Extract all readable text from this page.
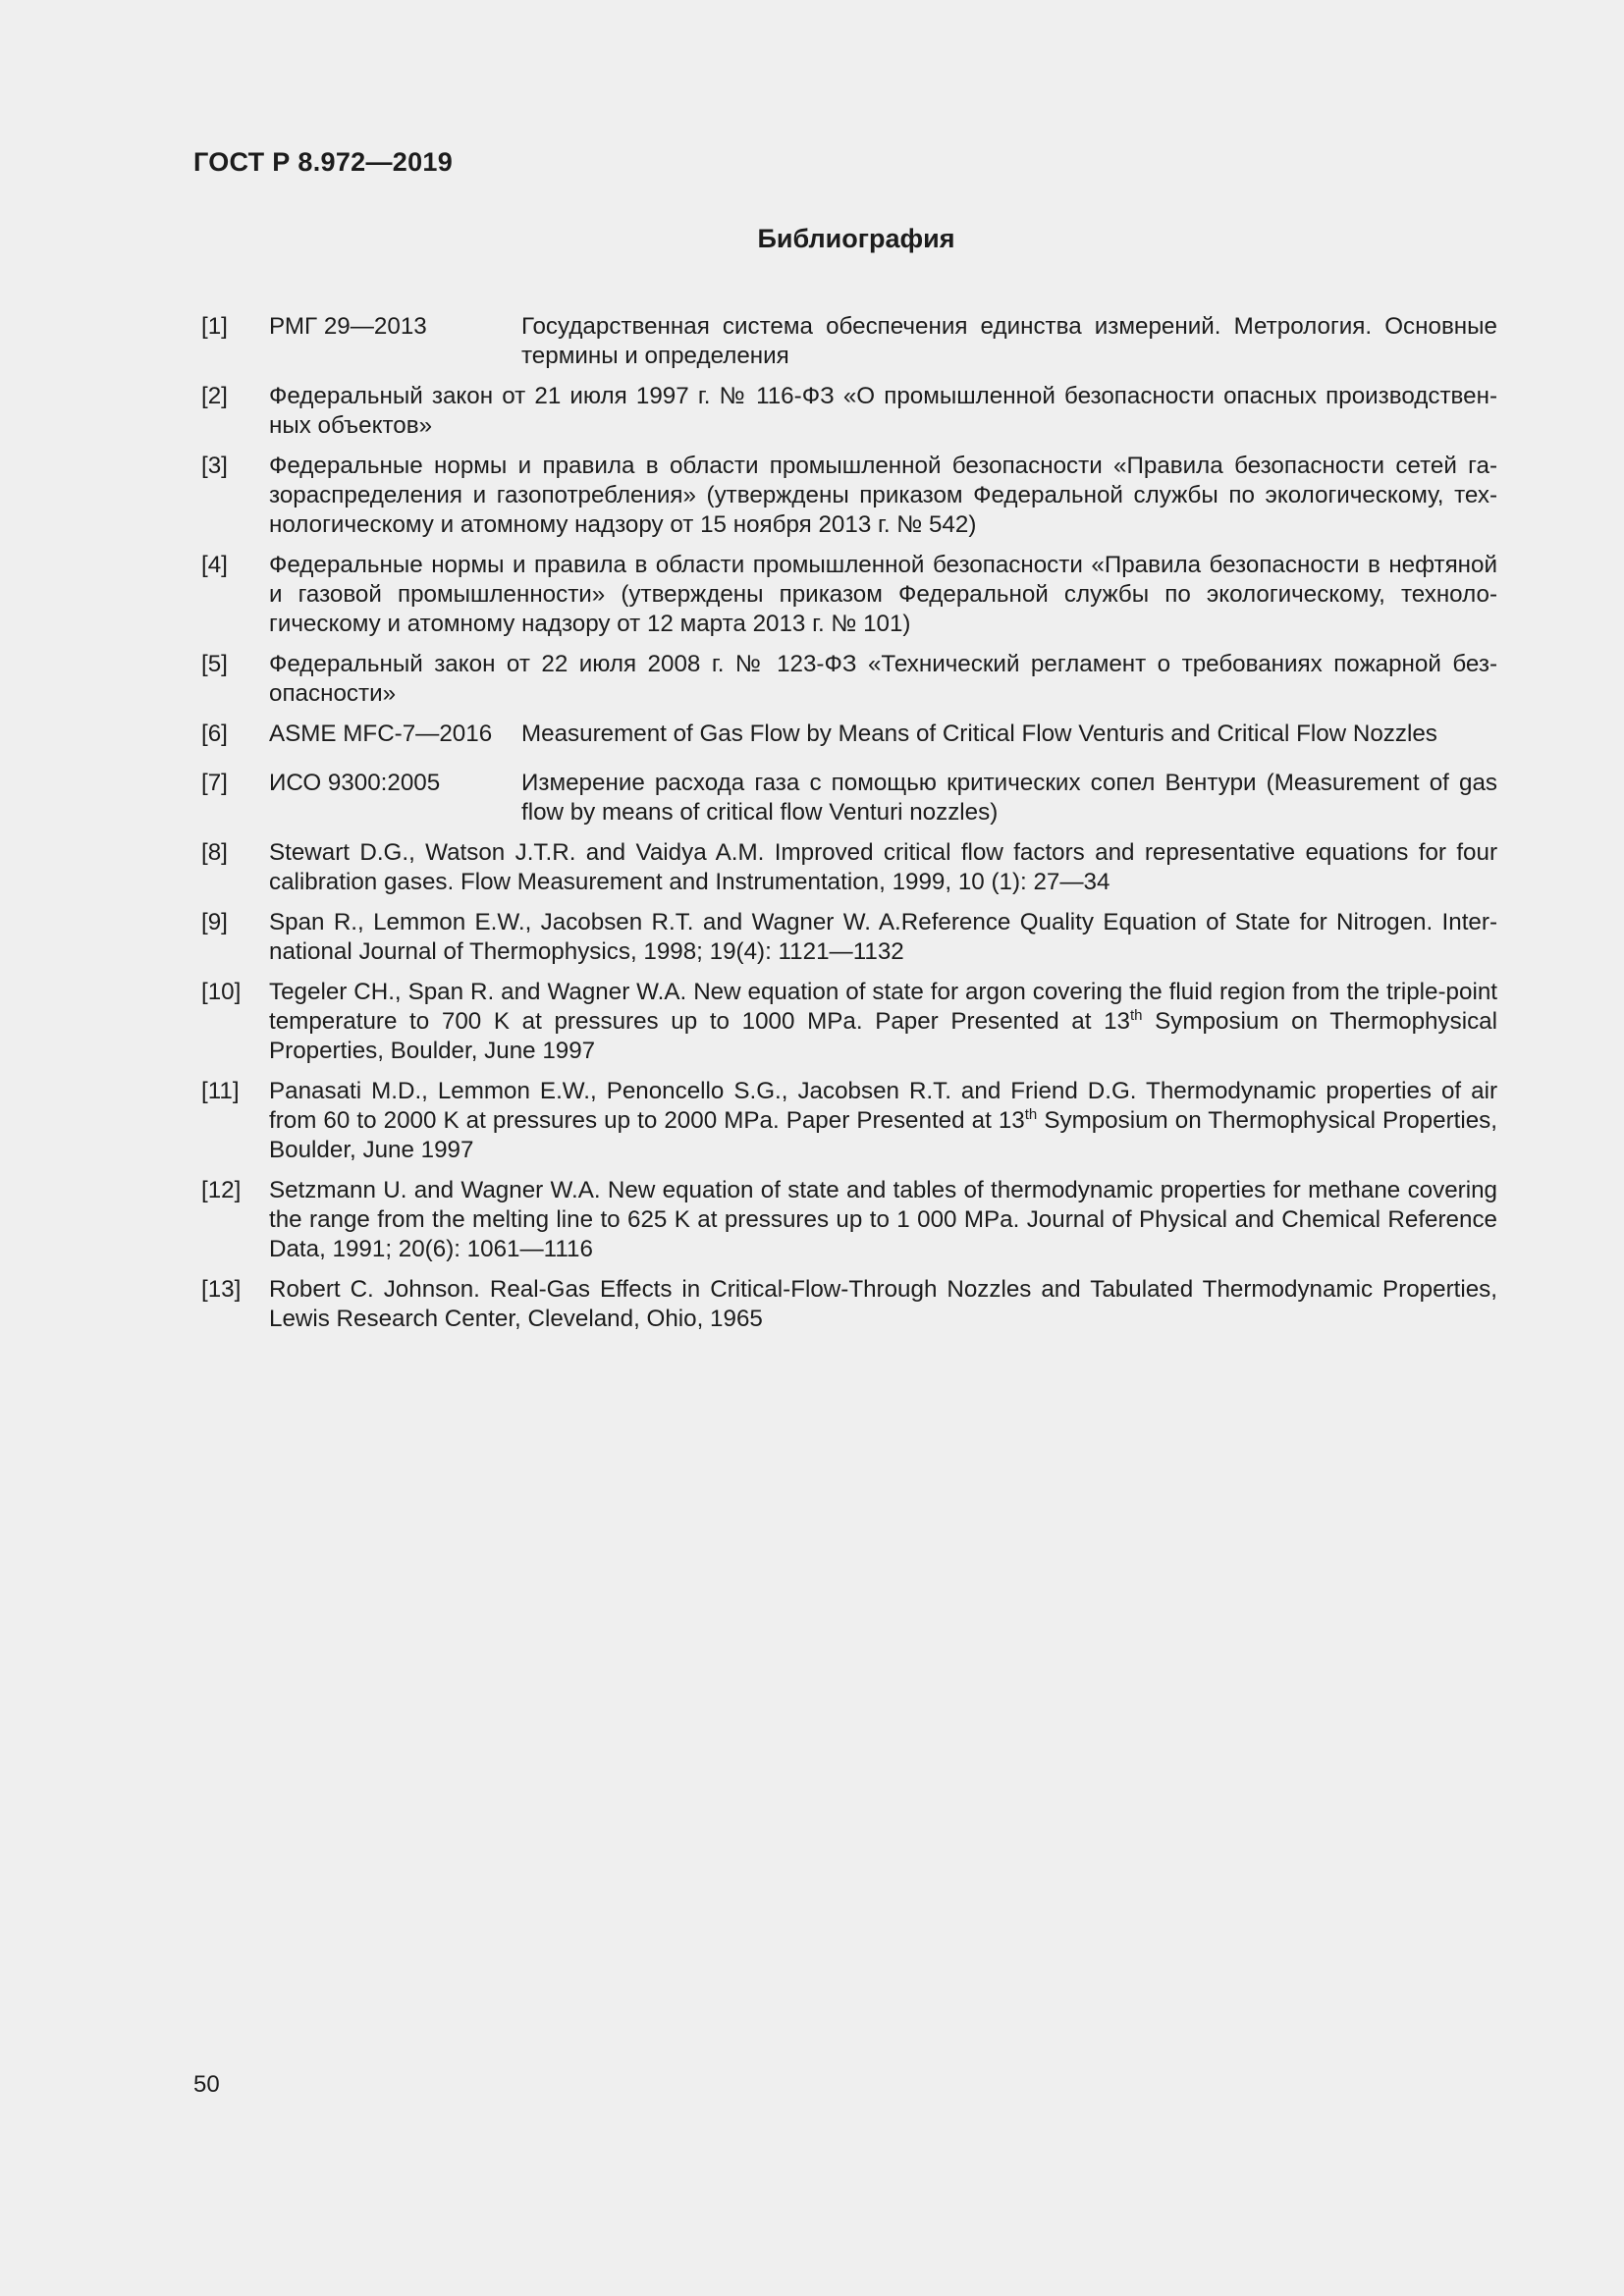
ГОСТ Р 8.972—2019
Библиография
[1]	РМГ 29—2013	Государственная система обеспечения единства измерений. Метрология. Основные термины и определения
[2]	Федеральный закон от 21 июля 1997 г. № 116-ФЗ «О промышленной безопасности опасных производственных объектов»
[3]	Федеральные нормы и правила в области промышленной безопасности «Правила безопасности сетей газораспределения и газопотребления» (утверждены приказом Федеральной службы по экологическому, технологическому и атомному надзору от 15 ноября 2013 г. № 542)
[4]	Федеральные нормы и правила в области промышленной безопасности «Правила безопасности в нефтяной и газовой промышленности» (утверждены приказом Федеральной службы по экологическому, технологическому и атомному надзору от 12 марта 2013 г. № 101)
[5]	Федеральный закон от 22 июля 2008 г. № 123-ФЗ «Технический регламент о требованиях пожарной безопасности»
[6]	ASME MFC-7—2016	Measurement of Gas Flow by Means of Critical Flow Venturis and Critical Flow Nozzles
[7]	ИСО 9300:2005	Измерение расхода газа с помощью критических сопел Вентури (Measurement of gas flow by means of critical flow Venturi nozzles)
[8]	Stewart D.G., Watson J.T.R. and Vaidya A.M. Improved critical flow factors and representative equations for four calibration gases. Flow Measurement and Instrumentation, 1999, 10 (1): 27—34
[9]	Span R., Lemmon E.W., Jacobsen R.T. and Wagner W. A.Reference Quality Equation of State for Nitrogen. International Journal of Thermophysics, 1998; 19(4): 1121—1132
[10]	Tegeler CH., Span R. and Wagner W.A. New equation of state for argon covering the fluid region from the triple-point temperature to 700 K at pressures up to 1000 MPa. Paper Presented at 13th Symposium on Thermophysical Properties, Boulder, June 1997
[11]	Panasati M.D., Lemmon E.W., Penoncello S.G., Jacobsen R.T. and Friend D.G. Thermodynamic properties of air from 60 to 2000 K at pressures up to 2000 MPa. Paper Presented at 13th Symposium on Thermophysical Properties, Boulder, June 1997
[12]	Setzmann U. and Wagner W.A. New equation of state and tables of thermodynamic properties for methane covering the range from the melting line to 625 K at pressures up to 1 000 MPa. Journal of Physical and Chemical Reference Data, 1991; 20(6): 1061—1116
[13]	Robert C. Johnson. Real-Gas Effects in Critical-Flow-Through Nozzles and Tabulated Thermodynamic Properties, Lewis Research Center, Cleveland, Ohio, 1965
50
